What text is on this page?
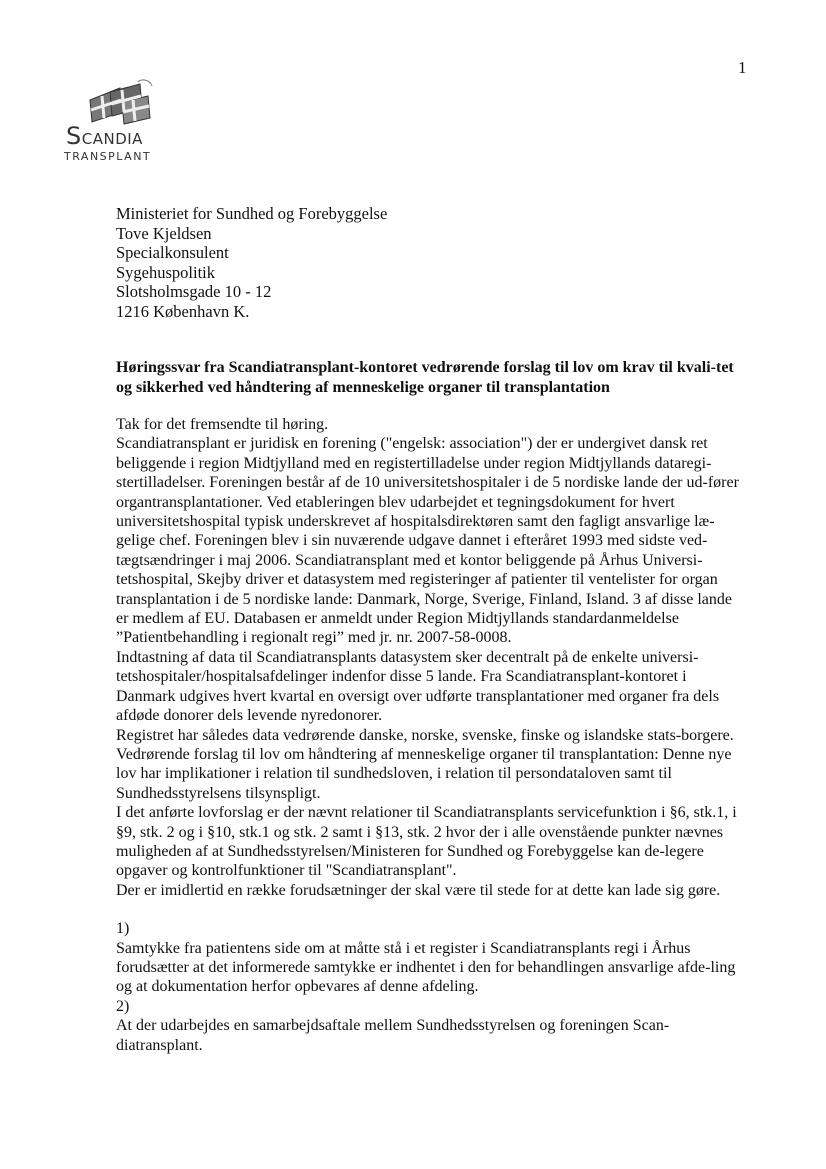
1
SCANDIA
TRANSPLANT
Ministeriet for Sundhed og Forebyggelse
Tove Kjeldsen
Specialkonsulent
Sygehuspolitik
Slotsholmsgade 10 - 12
1216 København K.
Høringssvar fra Scandiatransplant-kontoret vedrørende forslag til lov om krav til kvali-tet og sikkerhed ved håndtering af menneskelige organer til transplantation

Tak for det fremsendte til høring.

Scandiatransplant er juridisk en forening ("engelsk: association") der er undergivet dansk ret beliggende i region Midtjylland med en registertilladelse under region Midtjyllands dataregi-stertilladelser. Foreningen består af de 10 universitetshospitaler i de 5 nordiske lande der ud-fører organtransplantationer. Ved etableringen blev udarbejdet et tegningsdokument for hvert universitetshospital typisk underskrevet af hospitalsdirektøren samt den fagligt ansvarlige læ-gelige chef. Foreningen blev i sin nuværende udgave dannet i efteråret 1993 med sidste ved-tægtsændringer i maj 2006. Scandiatransplant med et kontor beliggende på Århus Universi-tetshospital, Skejby driver et datasystem med registeringer af patienter til ventelister for organ transplantation i de 5 nordiske lande: Danmark, Norge, Sverige, Finland, Island. 3 af disse lande er medlem af EU. Databasen er anmeldt under Region Midtjyllands standardanmeldelse ”Patientbehandling i regionalt regi” med jr. nr. 2007-58-0008.

Indtastning af data til Scandiatransplants datasystem sker decentralt på de enkelte universi-tetshospitaler/hospitalsafdelinger indenfor disse 5 lande. Fra Scandiatransplant-kontoret i Danmark udgives hvert kvartal en oversigt over udførte transplantationer med organer fra dels afdøde donorer dels levende nyredonorer.

Registret har således data vedrørende danske, norske, svenske, finske og islandske stats-borgere.

Vedrørende forslag til lov om håndtering af menneskelige organer til transplantation: Denne nye lov har implikationer i relation til sundhedsloven, i relation til persondataloven samt til Sundhedsstyrelsens tilsynspligt.

I det anførte lovforslag er der nævnt relationer til Scandiatransplants servicefunktion i §6, stk.1, i §9, stk. 2 og i §10, stk.1 og stk. 2 samt i §13, stk. 2 hvor der i alle ovenstående punkter nævnes muligheden af at Sundhedsstyrelsen/Ministeren for Sundhed og Forebyggelse kan de-legere opgaver og kontrolfunktioner til "Scandiatransplant".

Der er imidlertid en række forudsætninger der skal være til stede for at dette kan lade sig gøre.

1)

Samtykke fra patientens side om at måtte stå i et register i Scandiatransplants regi i Århus forudsætter at det informerede samtykke er indhentet i den for behandlingen ansvarlige afde-ling og at dokumentation herfor opbevares af denne afdeling.

2)

At der udarbejdes en samarbejdsaftale mellem Sundhedsstyrelsen og foreningen Scan-diatransplant.
